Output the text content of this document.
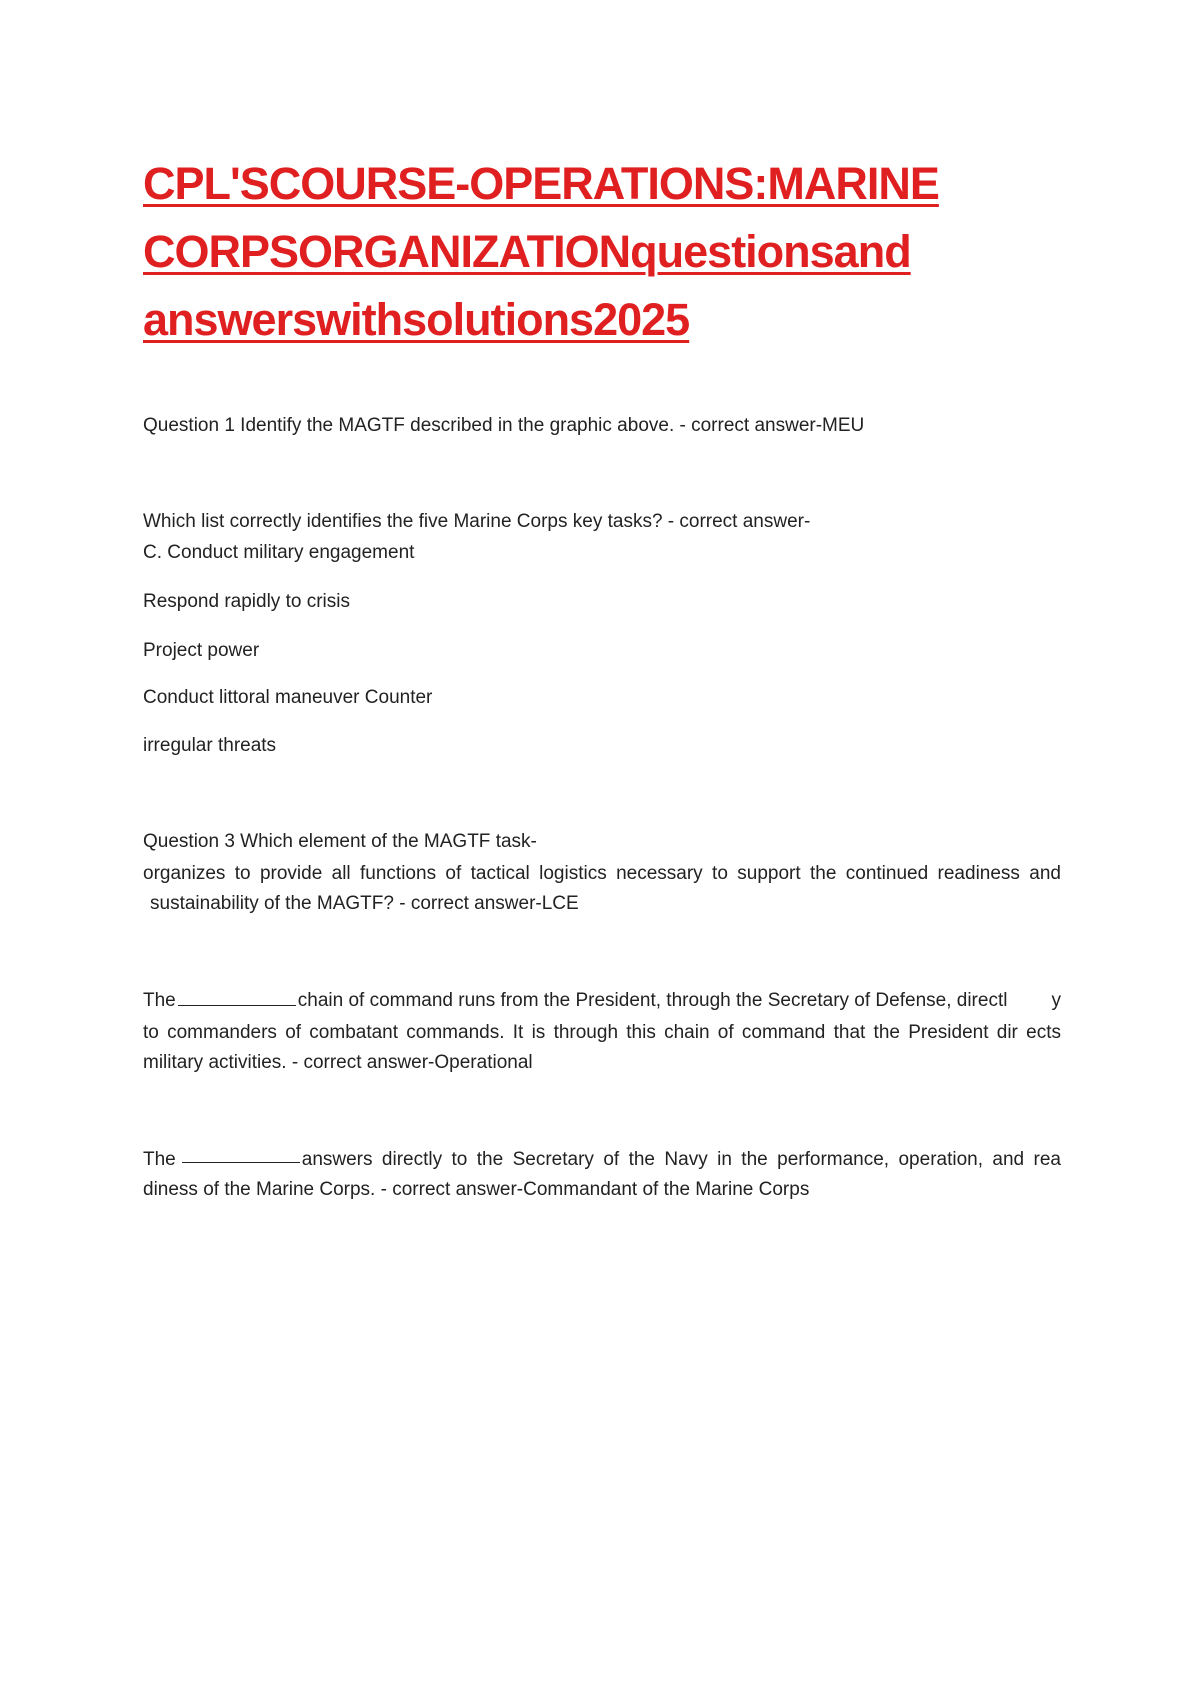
CPL'SCOURSE-OPERATIONS:MARINE
CORPSORGANIZATIONquestionsand
answerswithsolutions2025
Question 1 Identify the MAGTF described in the graphic above. - correct answer-MEU
Which list correctly identifies the five Marine Corps key tasks? - correct answer-
C. Conduct military engagement
Respond rapidly to crisis
Project power
Conduct littoral maneuver Counter
irregular threats
Question 3 Which element of the MAGTF task-
organizes to provide all functions of tactical logistics necessary to support the continued readiness and
sustainability of the MAGTF? - correct answer-LCE
The	chain of command runs from the President, through the Secretary of Defense, directl y
to commanders of combatant commands. It is through this chain of command that the President dir ects
military activities. - correct answer-Operational
The	answers directly to the Secretary of the Navy in the performance, operation, and rea
diness of the Marine Corps. - correct answer-Commandant of the Marine Corps
